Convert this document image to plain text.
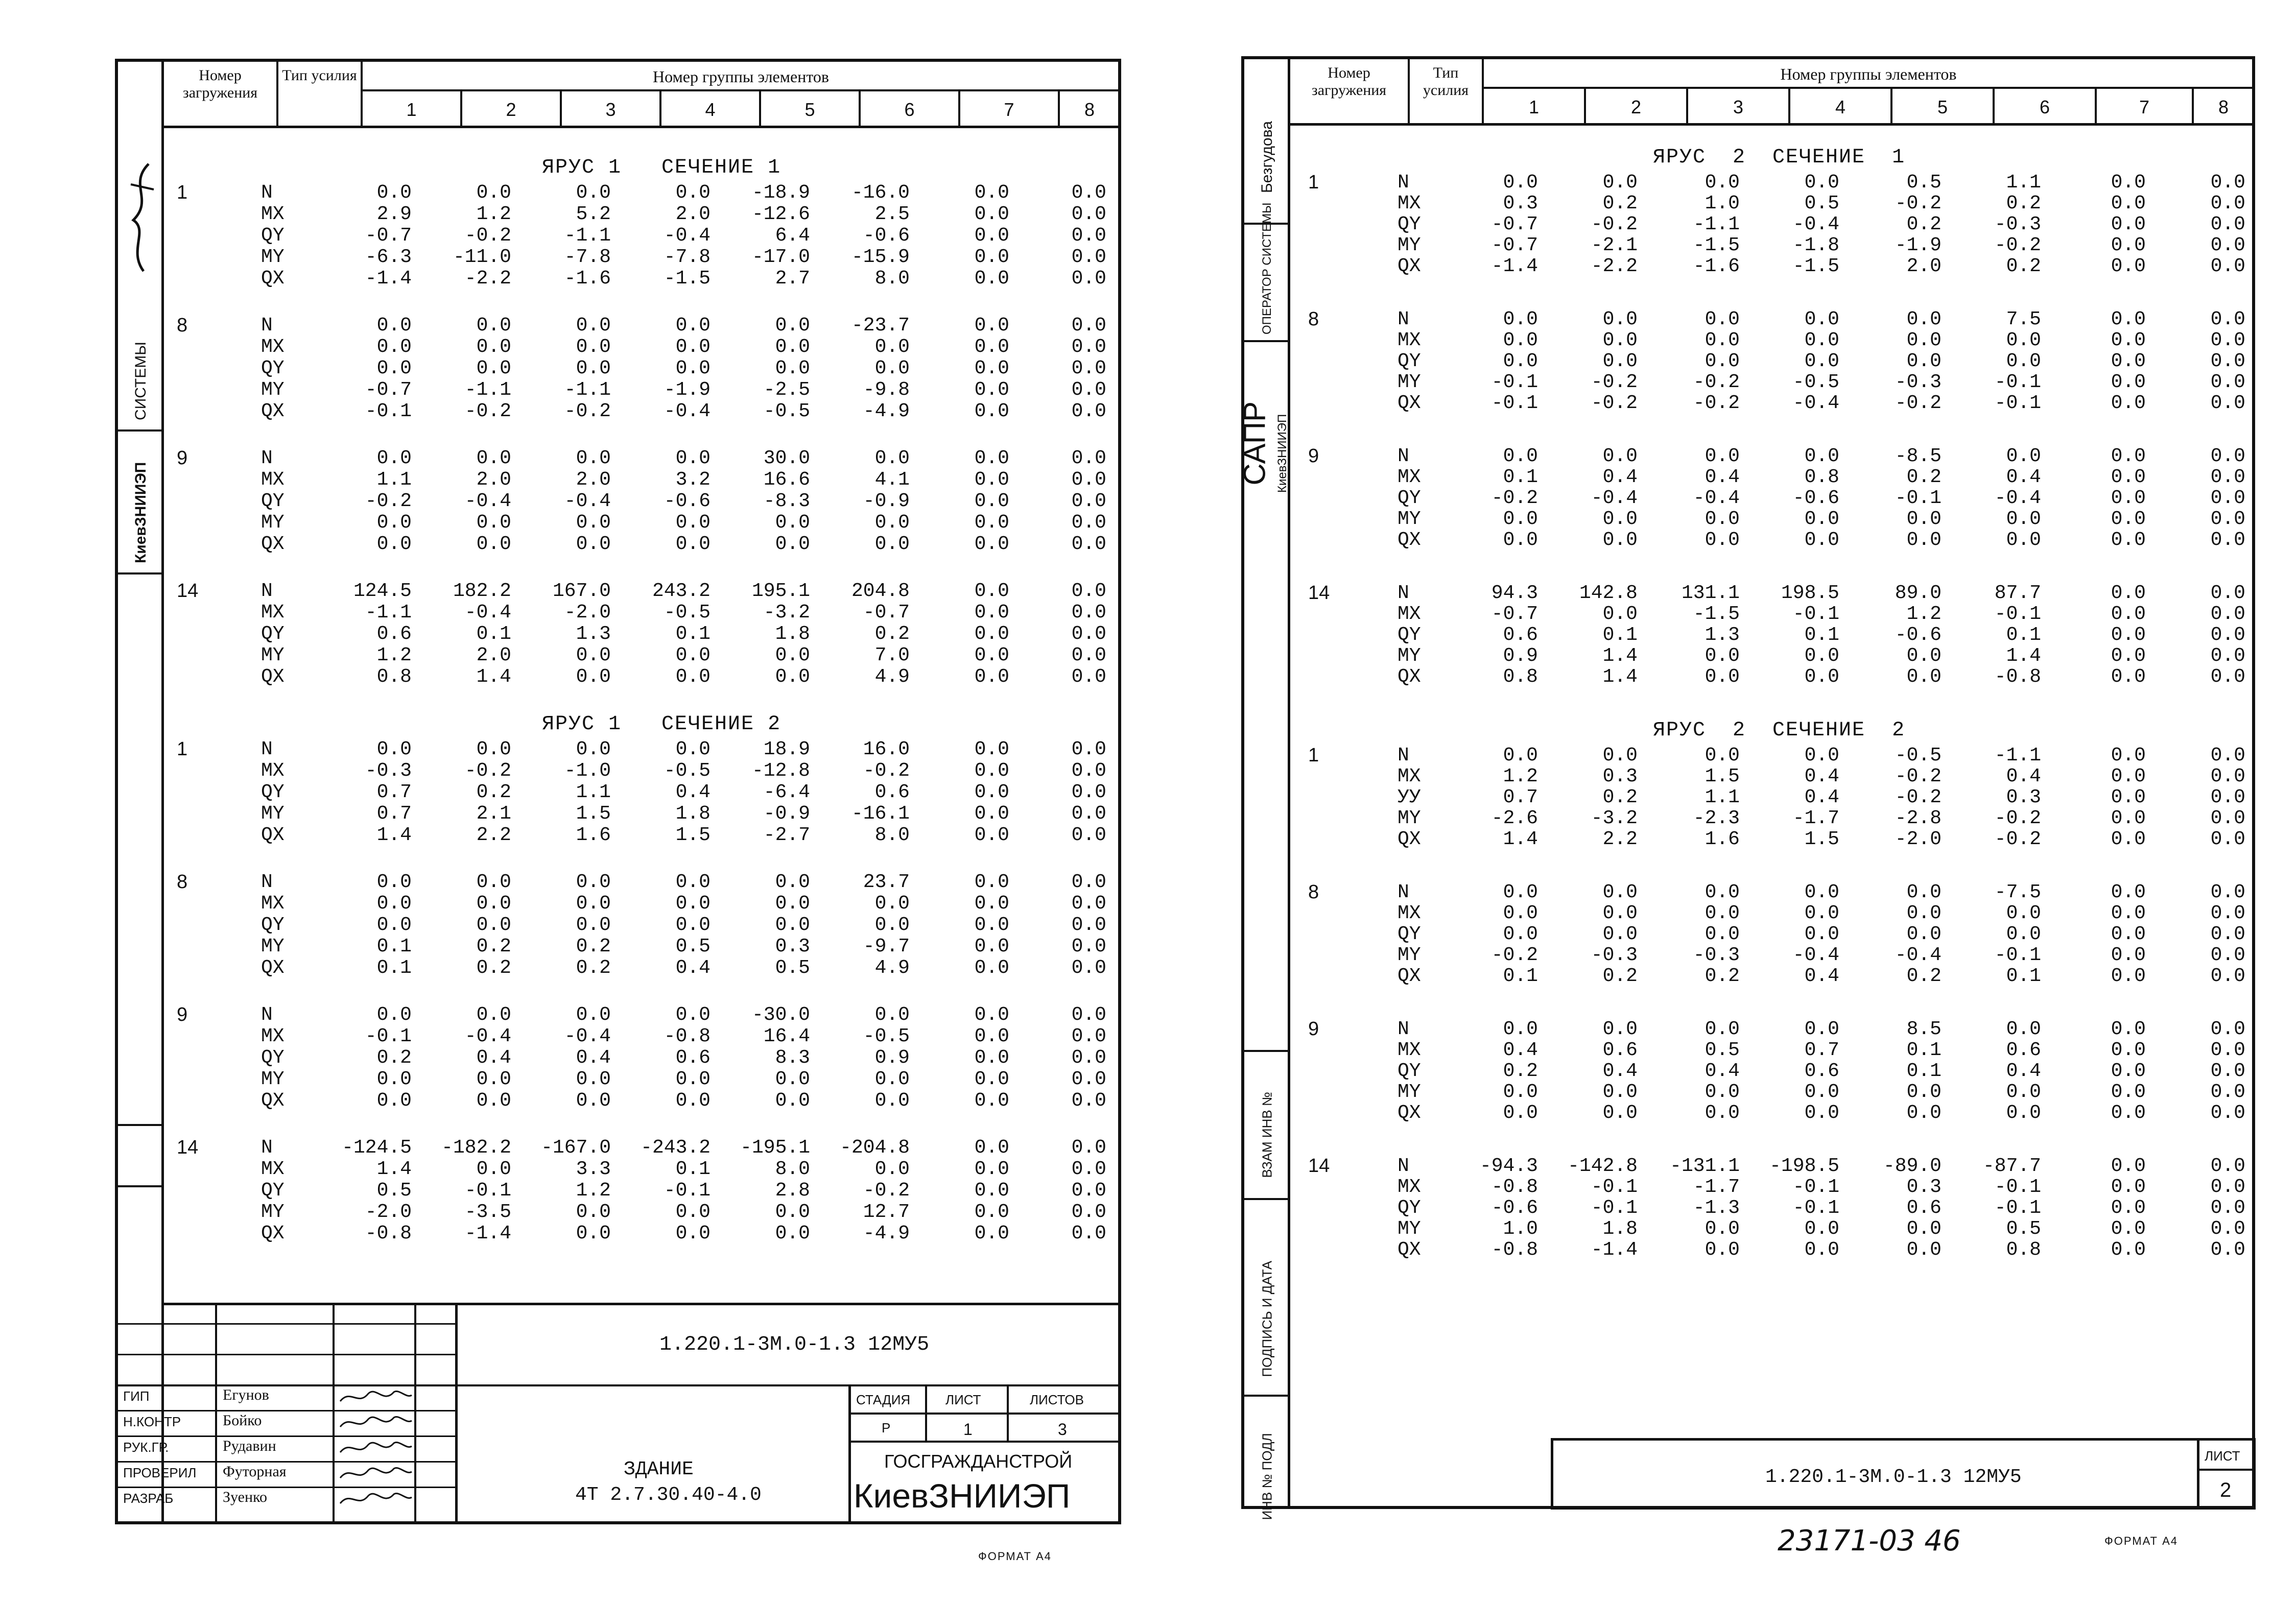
СИСТЕМЫ
КиевЗНИИЭП
Номер загружения
Тип усилия	Номер группы элементов
1	2	3	4	5	6	7	8
ЯРУС 1   СЕЧЕНИЕ 1
1	N	0.0	0.0	0.0	0.0	-18.9	-16.0	0.0	0.0
MX	2.9	1.2	5.2	2.0	-12.6	2.5	0.0	0.0
QY	-0.7	-0.2	-1.1	-0.4	6.4	-0.6	0.0	0.0
MY	-6.3	-11.0	-7.8	-7.8	-17.0	-15.9	0.0	0.0
QX	-1.4	-2.2	-1.6	-1.5	2.7	8.0	0.0	0.0
8	N	0.0	0.0	0.0	0.0	0.0	-23.7	0.0	0.0
MX	0.0	0.0	0.0	0.0	0.0	0.0	0.0	0.0
QY	0.0	0.0	0.0	0.0	0.0	0.0	0.0	0.0
MY	-0.7	-1.1	-1.1	-1.9	-2.5	-9.8	0.0	0.0
QX	-0.1	-0.2	-0.2	-0.4	-0.5	-4.9	0.0	0.0
9	N	0.0	0.0	0.0	0.0	30.0	0.0	0.0	0.0
MX	1.1	2.0	2.0	3.2	16.6	4.1	0.0	0.0
QY	-0.2	-0.4	-0.4	-0.6	-8.3	-0.9	0.0	0.0
MY	0.0	0.0	0.0	0.0	0.0	0.0	0.0	0.0
QX	0.0	0.0	0.0	0.0	0.0	0.0	0.0	0.0
14	N	124.5	182.2	167.0	243.2	195.1	204.8	0.0	0.0
MX	-1.1	-0.4	-2.0	-0.5	-3.2	-0.7	0.0	0.0
QY	0.6	0.1	1.3	0.1	1.8	0.2	0.0	0.0
MY	1.2	2.0	0.0	0.0	0.0	7.0	0.0	0.0
QX	0.8	1.4	0.0	0.0	0.0	4.9	0.0	0.0
ЯРУС 1   СЕЧЕНИЕ 2
1	N	0.0	0.0	0.0	0.0	18.9	16.0	0.0	0.0
MX	-0.3	-0.2	-1.0	-0.5	-12.8	-0.2	0.0	0.0
QY	0.7	0.2	1.1	0.4	-6.4	0.6	0.0	0.0
MY	0.7	2.1	1.5	1.8	-0.9	-16.1	0.0	0.0
QX	1.4	2.2	1.6	1.5	-2.7	8.0	0.0	0.0
8	N	0.0	0.0	0.0	0.0	0.0	23.7	0.0	0.0
MX	0.0	0.0	0.0	0.0	0.0	0.0	0.0	0.0
QY	0.0	0.0	0.0	0.0	0.0	0.0	0.0	0.0
MY	0.1	0.2	0.2	0.5	0.3	-9.7	0.0	0.0
QX	0.1	0.2	0.2	0.4	0.5	4.9	0.0	0.0
9	N	0.0	0.0	0.0	0.0	-30.0	0.0	0.0	0.0
MX	-0.1	-0.4	-0.4	-0.8	16.4	-0.5	0.0	0.0
QY	0.2	0.4	0.4	0.6	8.3	0.9	0.0	0.0
MY	0.0	0.0	0.0	0.0	0.0	0.0	0.0	0.0
QX	0.0	0.0	0.0	0.0	0.0	0.0	0.0	0.0
14	N	-124.5	-182.2	-167.0	-243.2	-195.1	-204.8	0.0	0.0
MX	1.4	0.0	3.3	0.1	8.0	0.0	0.0	0.0
QY	0.5	-0.1	1.2	-0.1	2.8	-0.2	0.0	0.0
MY	-2.0	-3.5	0.0	0.0	0.0	12.7	0.0	0.0
QX	-0.8	-1.4	0.0	0.0	0.0	-4.9	0.0	0.0
1.220.1-3М.0-1.3 12МУ5
ГИП	Егунов
Н.КОНТР	Бойко
РУК.ГР.	Рудавин
ПРОВЕРИЛ Футорная
РАЗРАБ	Зуенко
ЗДАНИЕ
4Т 2.7.30.40-4.0
СТАДИЯ	ЛИСТ	ЛИСТОВ
Р	1	3
ГОСГРАЖДАНСТРОЙ
КиевЗНИИЭП
ФОРМАТ А4
Безгудова
ОПЕРАТОР СИСТЕМЫ
САПР КиевЗНИИЭП
ВЗАМ ИНВ №
ПОДПИСЬ И ДАТА
ИНВ № ПОДЛ
Номер загружения
Тип усилия
Номер группы элементов
1	2	3	4	5	6	7	8
ЯРУС  2  СЕЧЕНИЕ  1
1	N	0.0	0.0	0.0	0.0	0.5	1.1	0.0	0.0
MX	0.3	0.2	1.0	0.5	-0.2	0.2	0.0	0.0
QY	-0.7	-0.2	-1.1	-0.4	0.2	-0.3	0.0	0.0
MY	-0.7	-2.1	-1.5	-1.8	-1.9	-0.2	0.0	0.0
QX	-1.4	-2.2	-1.6	-1.5	2.0	0.2	0.0	0.0
8	N	0.0	0.0	0.0	0.0	0.0	7.5	0.0	0.0
MX	0.0	0.0	0.0	0.0	0.0	0.0	0.0	0.0
QY	0.0	0.0	0.0	0.0	0.0	0.0	0.0	0.0
MY	-0.1	-0.2	-0.2	-0.5	-0.3	-0.1	0.0	0.0
QX	-0.1	-0.2	-0.2	-0.4	-0.2	-0.1	0.0	0.0
9	N	0.0	0.0	0.0	0.0	-8.5	0.0	0.0	0.0
MX	0.1	0.4	0.4	0.8	0.2	0.4	0.0	0.0
QY	-0.2	-0.4	-0.4	-0.6	-0.1	-0.4	0.0	0.0
MY	0.0	0.0	0.0	0.0	0.0	0.0	0.0	0.0
QX	0.0	0.0	0.0	0.0	0.0	0.0	0.0	0.0
14	N	94.3	142.8	131.1	198.5	89.0	87.7	0.0	0.0
MX	-0.7	0.0	-1.5	-0.1	1.2	-0.1	0.0	0.0
QY	0.6	0.1	1.3	0.1	-0.6	0.1	0.0	0.0
MY	0.9	1.4	0.0	0.0	0.0	1.4	0.0	0.0
QX	0.8	1.4	0.0	0.0	0.0	-0.8	0.0	0.0
ЯРУС  2  СЕЧЕНИЕ  2
1	N	0.0	0.0	0.0	0.0	-0.5	-1.1	0.0	0.0
MX	1.2	0.3	1.5	0.4	-0.2	0.4	0.0	0.0
УУ	0.7	0.2	1.1	0.4	-0.2	0.3	0.0	0.0
MY	-2.6	-3.2	-2.3	-1.7	-2.8	-0.2	0.0	0.0
QX	1.4	2.2	1.6	1.5	-2.0	-0.2	0.0	0.0
8	N	0.0	0.0	0.0	0.0	0.0	-7.5	0.0	0.0
MX	0.0	0.0	0.0	0.0	0.0	0.0	0.0	0.0
QY	0.0	0.0	0.0	0.0	0.0	0.0	0.0	0.0
MY	-0.2	-0.3	-0.3	-0.4	-0.4	-0.1	0.0	0.0
QX	0.1	0.2	0.2	0.4	0.2	0.1	0.0	0.0
9	N	0.0	0.0	0.0	0.0	8.5	0.0	0.0	0.0
MX	0.4	0.6	0.5	0.7	0.1	0.6	0.0	0.0
QY	0.2	0.4	0.4	0.6	0.1	0.4	0.0	0.0
MY	0.0	0.0	0.0	0.0	0.0	0.0	0.0	0.0
QX	0.0	0.0	0.0	0.0	0.0	0.0	0.0	0.0
14	N	-94.3	-142.8	-131.1	-198.5	-89.0	-87.7	0.0	0.0
MX	-0.8	-0.1	-1.7	-0.1	0.3	-0.1	0.0	0.0
QY	-0.6	-0.1	-1.3	-0.1	0.6	-0.1	0.0	0.0
MY	1.0	1.8	0.0	0.0	0.0	0.5	0.0	0.0
QX	-0.8	-1.4	0.0	0.0	0.0	0.8	0.0	0.0
1.220.1-3М.0-1.3 12МУ5
ЛИСТ
2
23171-03 46	ФОРМАТ А4
